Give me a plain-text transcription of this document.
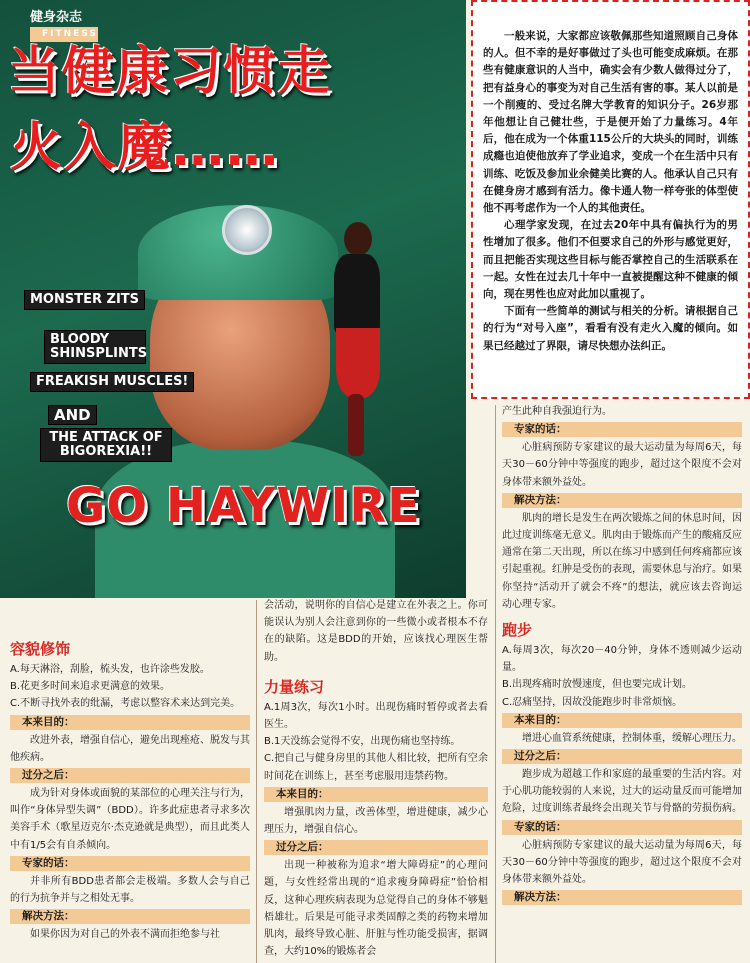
健身杂志
FITNESS
当健康习惯走
火入魔……
MONSTER ZITS
BLOODY SHINSPLINTS
FREAKISH MUSCLES!
AND
THE ATTACK OF BIGOREXIA!!
GO HAYWIRE

一般来说，大家都应该敬佩那些知道照顾自己身体的人。但不幸的是好事做过了头也可能变成麻烦。在那些有健康意识的人当中，确实会有少数人做得过分了，把有益身心的事变为对自己生活有害的事。某人以前是一个削瘦的、受过名牌大学教育的知识分子。26岁那年他想让自己健壮些，于是便开始了力量练习。4年后，他在成为一个体重115公斤的大块头的同时，训练成瘾也迫使他放弃了学业追求，变成一个在生活中只有训练、吃饭及参加业余健美比赛的人。他承认自己只有在健身房才感到有活力。像卡通人物一样夸张的体型使他不再考虑作为一个人的其他责任。

心理学家发现，在过去20年中具有偏执行为的男性增加了很多。他们不但要求自己的外形与感觉更好，而且把能否实现这些目标与能否掌控自己的生活联系在一起。女性在过去几十年中一直被提醒这种不健康的倾向，现在男性也应对此加以重视了。

下面有一些简单的测试与相关的分析。请根据自己的行为“对号入座”，看看有没有走火入魔的倾向。如果已经越过了界限，请尽快想办法纠正。

容貌修饰

A.每天淋浴，刮脸，梳头发，也许涂些发胶。

B.花更多时间来追求更满意的效果。

C.不断寻找外表的纰漏，考虑以整容术来达到完美。

本来目的：

改进外表，增强自信心，避免出现痤疮、脱发与其他疾病。

过分之后：

成为针对身体或面貌的某部位的心理关注与行为，叫作“身体异型失调”（BDD）。许多此症患者寻求多次美容手术（歌星迈克尔·杰克逊就是典型），而且此类人中有1/5会有自杀倾向。

专家的话：

并非所有BDD患者都会走极端。多数人会与自己的行为抗争并与之相处无事。

解决方法：

如果你因为对自己的外表不满而拒绝参与社

会活动，说明你的自信心是建立在外表之上。你可能误认为别人会注意到你的一些微小或者根本不存在的缺陷。这是BDD的开始，应该找心理医生帮助。

力量练习

A.1周3次，每次1小时。出现伤痛时暂停或者去看医生。

B.1天没练会觉得不安，出现伤痛也坚持练。

C.把自己与健身房里的其他人相比较，把所有空余时间花在训练上，甚至考虑服用违禁药物。

本来目的：

增强肌肉力量，改善体型，增进健康，减少心理压力，增强自信心。

过分之后：

出现一种被称为追求“增大障碍症”的心理问题，与女性经常出现的“追求瘦身障碍症”恰恰相反，这种心理疾病表现为总觉得自己的身体不够魁梧雄壮。后果是可能寻求类固醇之类的药物来增加肌肉，最终导致心脏、肝脏与性功能受损害，据调查，大约10%的锻炼者会

产生此种自我强迫行为。

专家的话：

心脏病预防专家建议的最大运动量为每周6天，每天30－60分钟中等强度的跑步，超过这个限度不会对身体带来额外益处。

解决方法：

肌肉的增长是发生在两次锻炼之间的休息时间，因此过度训练毫无意义。肌肉由于锻炼而产生的酸痛反应通常在第二天出现，所以在练习中感到任何疼痛都应该引起重视。红肿是受伤的表现，需要休息与治疗。如果你坚持“活动开了就会不疼”的想法，就应该去咨询运动心理专家。

跑步

A.每周3次，每次20－40分钟，身体不透则减少运动量。

B.出现疼痛时放慢速度，但也要完成计划。

C.忍痛坚持，因故没能跑步时非常烦恼。

本来目的：

增进心血管系统健康，控制体重，缓解心理压力。

过分之后：

跑步成为超越工作和家庭的最重要的生活内容。对于心肌功能较弱的人来说，过大的运动量反而可能增加危险，过度训练者最终会出现关节与骨骼的劳损伤病。

专家的话：

心脏病预防专家建议的最大运动量为每周6天，每天30－60分钟中等强度的跑步，超过这个限度不会对身体带来额外益处。

解决方法：
